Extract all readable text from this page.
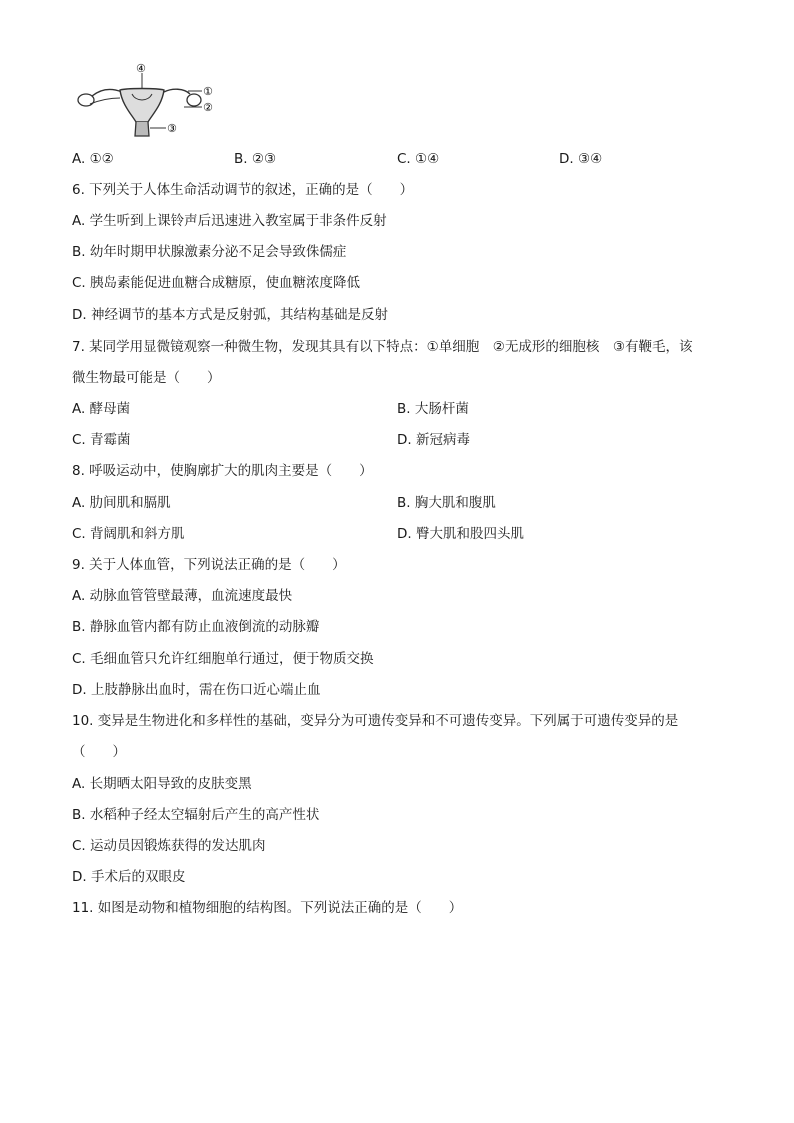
④
①
②
③
A. ①②	B. ②③	C. ①④	D. ③④
6. 下列关于人体生命活动调节的叙述，正确的是（　　）
A. 学生听到上课铃声后迅速进入教室属于非条件反射
B. 幼年时期甲状腺激素分泌不足会导致侏儒症
C. 胰岛素能促进血糖合成糖原，使血糖浓度降低
D. 神经调节的基本方式是反射弧，其结构基础是反射
7. 某同学用显微镜观察一种微生物，发现其具有以下特点：①单细胞　②无成形的细胞核　③有鞭毛，该
微生物最可能是（　　）
A. 酵母菌	B. 大肠杆菌
C. 青霉菌	D. 新冠病毒
8. 呼吸运动中，使胸廓扩大的肌肉主要是（　　）
A. 肋间肌和膈肌	B. 胸大肌和腹肌
C. 背阔肌和斜方肌	D. 臀大肌和股四头肌
9. 关于人体血管，下列说法正确的是（　　）
A. 动脉血管管壁最薄，血流速度最快
B. 静脉血管内都有防止血液倒流的动脉瓣
C. 毛细血管只允许红细胞单行通过，便于物质交换
D. 上肢静脉出血时，需在伤口近心端止血
10. 变异是生物进化和多样性的基础，变异分为可遗传变异和不可遗传变异。下列属于可遗传变异的是
（　　）
A. 长期晒太阳导致的皮肤变黑
B. 水稻种子经太空辐射后产生的高产性状
C. 运动员因锻炼获得的发达肌肉
D. 手术后的双眼皮
11. 如图是动物和植物细胞的结构图。下列说法正确的是（　　）
